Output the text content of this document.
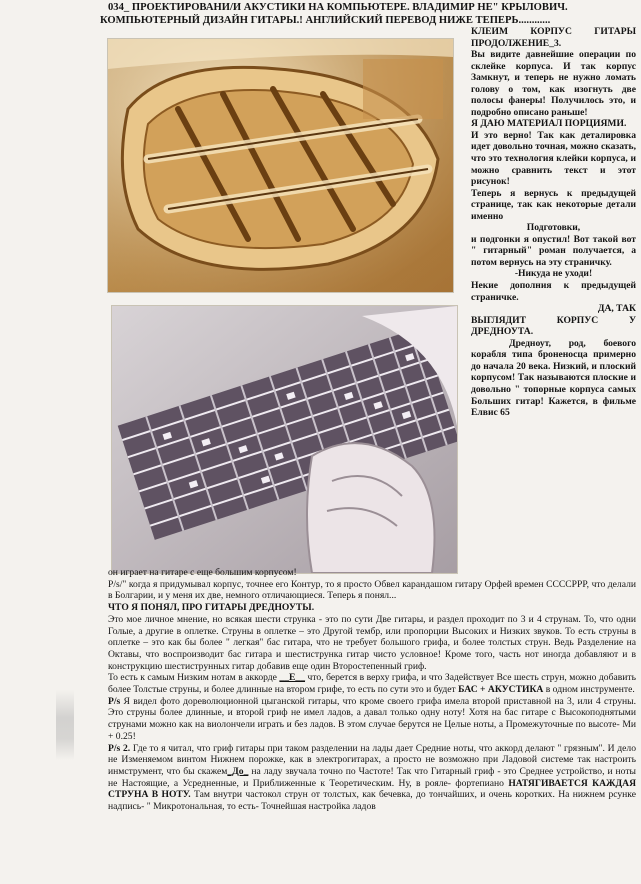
034_ ПРОЕКТИРОВАНИ/И АКУСТИКИ НА КОМПЬЮТЕРЕ. ВЛАДИМИР НЕ" КРЫЛОВИЧ.
КОМПЬЮТЕРНЫЙ ДИЗАЙН ГИТАРЫ.! АНГЛИЙСКИЙ ПЕРЕВОД НИЖЕ ТЕПЕРЬ............

КЛЕИМ КОРПУС ГИТАРЫ ПРОДОЛЖЕНИЕ_3.

Вы видите давнейшие операции по склейке корпуса. И так корпус Замкнут, и теперь не нужно ломать голову о том, как изогнуть две полосы фанеры! Получилось это, и подробно описано раньше!

Я ДАЮ МАТЕРИАЛ ПОРЦИЯМИ.

И это верно! Так как деталировка идет довольно точная, можно сказать, что это технология клейки корпуса, и можно сравнить текст и этот рисунок!

Теперь я вернусь к предыдущей странице, так как некоторые детали именно

Подготовки,

и подгонки я опустил! Вот такой вот " гитарный" роман получается, а потом вернусь на эту страничку.

-Никуда не уходи!

Некие дополния к предыдущей страничке.

ДА, ТАК

ВЫГЛЯДИТ КОРПУС У ДРЕДНОУТА.

Дредноут, род, боевого корабля типа броненосца примерно до начала 20 века. Низкий, и плоский корпусом! Так называются плоские и довольно " топорные корпуса самых Больших гитар! Кажется, в фильме Елвис 65

он играет на гитаре с еще большим корпусом!

P/s/" когда я придумывал корпус, точнее его Контур, то я просто Обвел карандашом гитару Орфей времен СССCPPP, что делали в Болгарии, и у меня их две, немного отличающиеся. Теперь я понял...

ЧТО Я ПОНЯЛ, ПРО ГИТАРЫ ДРЕДНОУТЫ.

Это мое личное мнение, но всякая шести струнка - это по сути Две гитары, и раздел проходит по 3 и 4 струнам. То, что одни Голые, а другие в оплетке. Струны в оплетке – это Другой тембр, или пропорции Высоких и Низких звуков. То есть струны в оплетке – это как бы более " легкая" бас гитара, что не требует большого грифа, и более толстых струн. Ведь Разделение на Октавы, что воспроизводит бас гитара и шестиструнка гитар чисто условное! Кроме того, часть нот иногда добавляют и в конструкцию шестиструнных гитар добавив еще один Второстепенный гриф.

То есть к самым Низким нотам в аккорде __Е__ что, берется в верху грифа, и что Задействует Все шесть струн, можно добавить более Толстые струны, и более длинные на втором грифе, то есть по сути это и будет БАС + АКУСТИКА в одном инструменте.

P/s Я видел фото дореволюционной цыганской гитары, что кроме своего грифа имела второй приставной на 3, или 4 струны. Это струны более длинные, и второй гриф не имел ладов, а давал только одну ноту! Хотя на бас гитаре с Высокоподнятыми струнами можно как на виолончели играть и без ладов. В этом случае берутся не Целые ноты, а Промежуточные по высоте- Ми + 0.25!

P/s 2. Где то я читал, что гриф гитары при таком разделении на лады дает Средние ноты, что аккорд делают " грязным". И дело не Изменяемом винтом Нижнем порожке, как в электрогитарах, а просто не возможно при Ладовой системе так настроить инмструмент, что бы скажем_До_ на ладу звучала точно по Частоте! Так что Гитарный гриф - это Среднее устройство, и ноты не Настоящие, а Усредненные, и Приближенные к Теоретическим. Ну, в рояле- фортепиано НАТЯГИВАЕТСЯ КАЖДАЯ СТРУНА В НОТУ. Там внутри частокол струн от толстых, как бечевка, до тончайших, и очень коротких. На нижнем рсунке надпись- " Микротональная, то есть- Точнейшая настройка ладов
